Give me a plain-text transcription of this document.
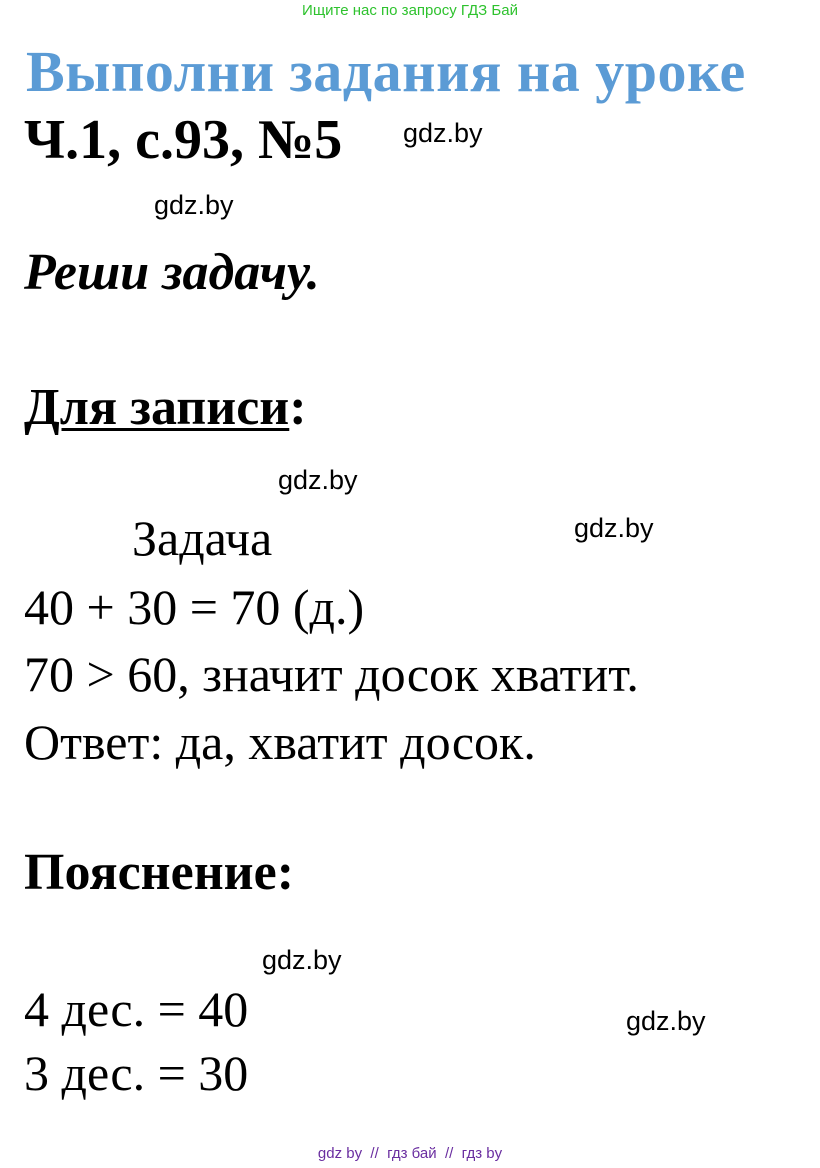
Ищите нас по запросу ГДЗ Бай
Выполни задания на уроке
Ч.1, с.93, №5 gdz.by
gdz.by
Реши задачу.
Для записи:
gdz.by
gdz.by
Задача
40 + 30 = 70 (д.)
70 > 60, значит досок хватит.
Ответ: да, хватит досок.
Пояснение:
gdz.by
gdz.by
4 дес. = 40
3 дес. = 30
gdz by  //  гдз бай  //  гдз by
